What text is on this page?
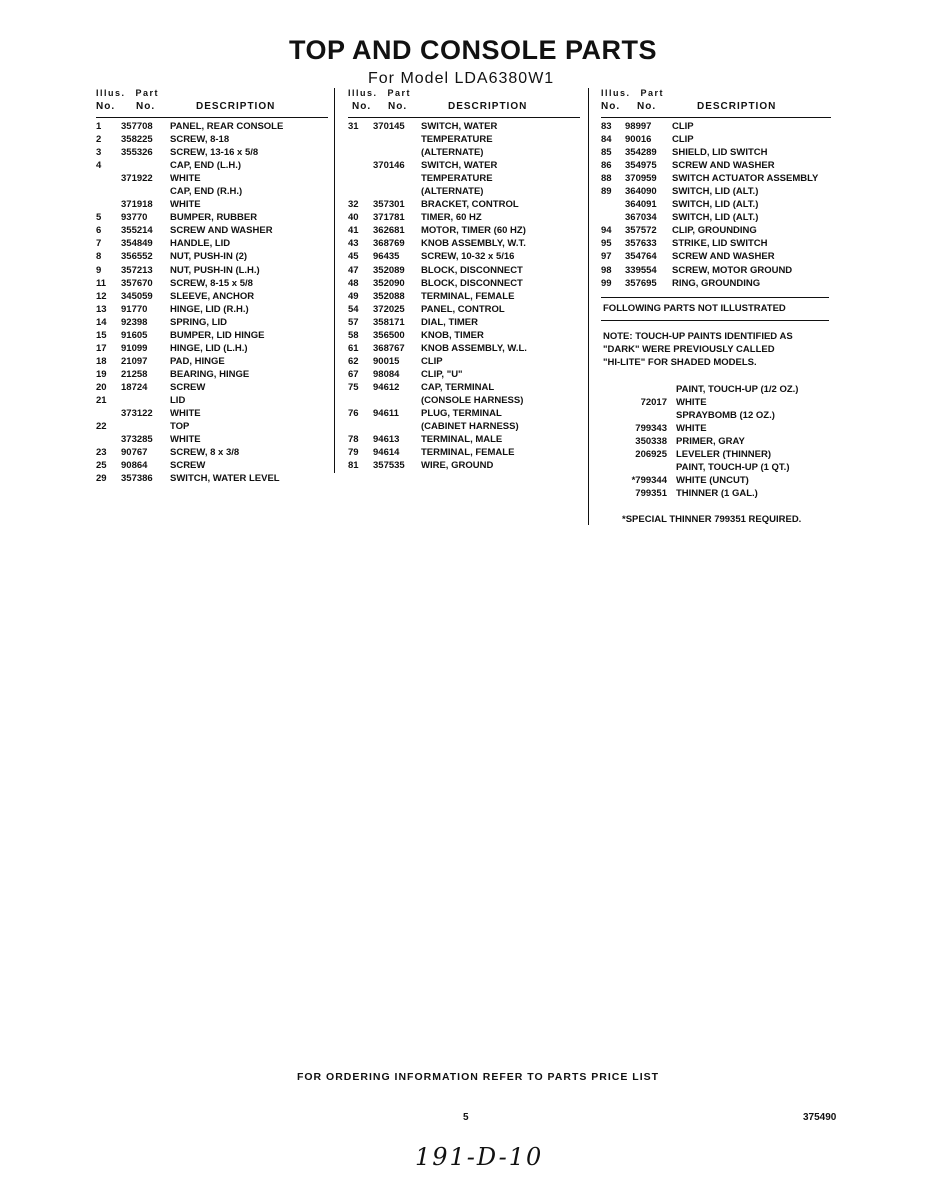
TOP AND CONSOLE PARTS
For Model LDA6380W1
Illus. Part
No. No.	DESCRIPTION
1 357708 PANEL, REAR CONSOLE
2 358225 SCREW, 8-18
3 355326 SCREW, 13-16 x 5/8
4	CAP, END (L.H.)
371922 WHITE
CAP, END (R.H.)
371918 WHITE
5 93770 BUMPER, RUBBER
6 355214 SCREW AND WASHER
7 354849 HANDLE, LID
8 356552 NUT, PUSH-IN (2)
9 357213 NUT, PUSH-IN (L.H.)
11 357670 SCREW, 8-15 x 5/8
12 345059 SLEEVE, ANCHOR
13 91770 HINGE, LID (R.H.)
14 92398 SPRING, LID
15 91605 BUMPER, LID HINGE
17 91099 HINGE, LID (L.H.)
18 21097 PAD, HINGE
19 21258 BEARING, HINGE
20 18724 SCREW
21	LID
373122 WHITE
22	TOP
373285 WHITE
23 90767 SCREW, 8 x 3/8
25 90864 SCREW
29 357386 SWITCH, WATER LEVEL
Illus. Part
No. No.	DESCRIPTION
31 370145 SWITCH, WATER
TEMPERATURE
(ALTERNATE)
370146 SWITCH, WATER
TEMPERATURE
(ALTERNATE)
32 357301 BRACKET, CONTROL
40 371781 TIMER, 60 HZ
41 362681 MOTOR, TIMER (60 HZ)
43 368769 KNOB ASSEMBLY, W.T.
45 96435 SCREW, 10-32 x 5/16
47 352089 BLOCK, DISCONNECT
48 352090 BLOCK, DISCONNECT
49 352088 TERMINAL, FEMALE
54 372025 PANEL, CONTROL
57 358171 DIAL, TIMER
58 356500 KNOB, TIMER
61 368767 KNOB ASSEMBLY, W.L.
62 90015 CLIP
67 98084 CLIP, "U"
75 94612 CAP, TERMINAL
(CONSOLE HARNESS)
76 94611 PLUG, TERMINAL
(CABINET HARNESS)
78 94613 TERMINAL, MALE
79 94614 TERMINAL, FEMALE
81 357535 WIRE, GROUND
Illus. Part
No. No.	DESCRIPTION
83 98997 CLIP
84 90016 CLIP
85 354289 SHIELD, LID SWITCH
86 354975 SCREW AND WASHER
88 370959 SWITCH ACTUATOR ASSEMBLY
89 364090 SWITCH, LID (ALT.)
364091 SWITCH, LID (ALT.)
367034 SWITCH, LID (ALT.)
94 357572 CLIP, GROUNDING
95 357633 STRIKE, LID SWITCH
97 354764 SCREW AND WASHER
98 339554 SCREW, MOTOR GROUND
99 357695 RING, GROUNDING
FOLLOWING PARTS NOT ILLUSTRATED
NOTE: TOUCH-UP PAINTS IDENTIFIED AS
"DARK" WERE PREVIOUSLY CALLED
"HI-LITE" FOR SHADED MODELS.
PAINT, TOUCH-UP (1/2 OZ.)
72017 WHITE
SPRAYBOMB (12 OZ.)
799343 WHITE
350338 PRIMER, GRAY
206925 LEVELER (THINNER)
PAINT, TOUCH-UP (1 QT.)
*799344 WHITE (UNCUT)
799351 THINNER (1 GAL.)
*SPECIAL THINNER 799351 REQUIRED.
FOR ORDERING INFORMATION REFER TO PARTS PRICE LIST
5	375490
191-D-10
